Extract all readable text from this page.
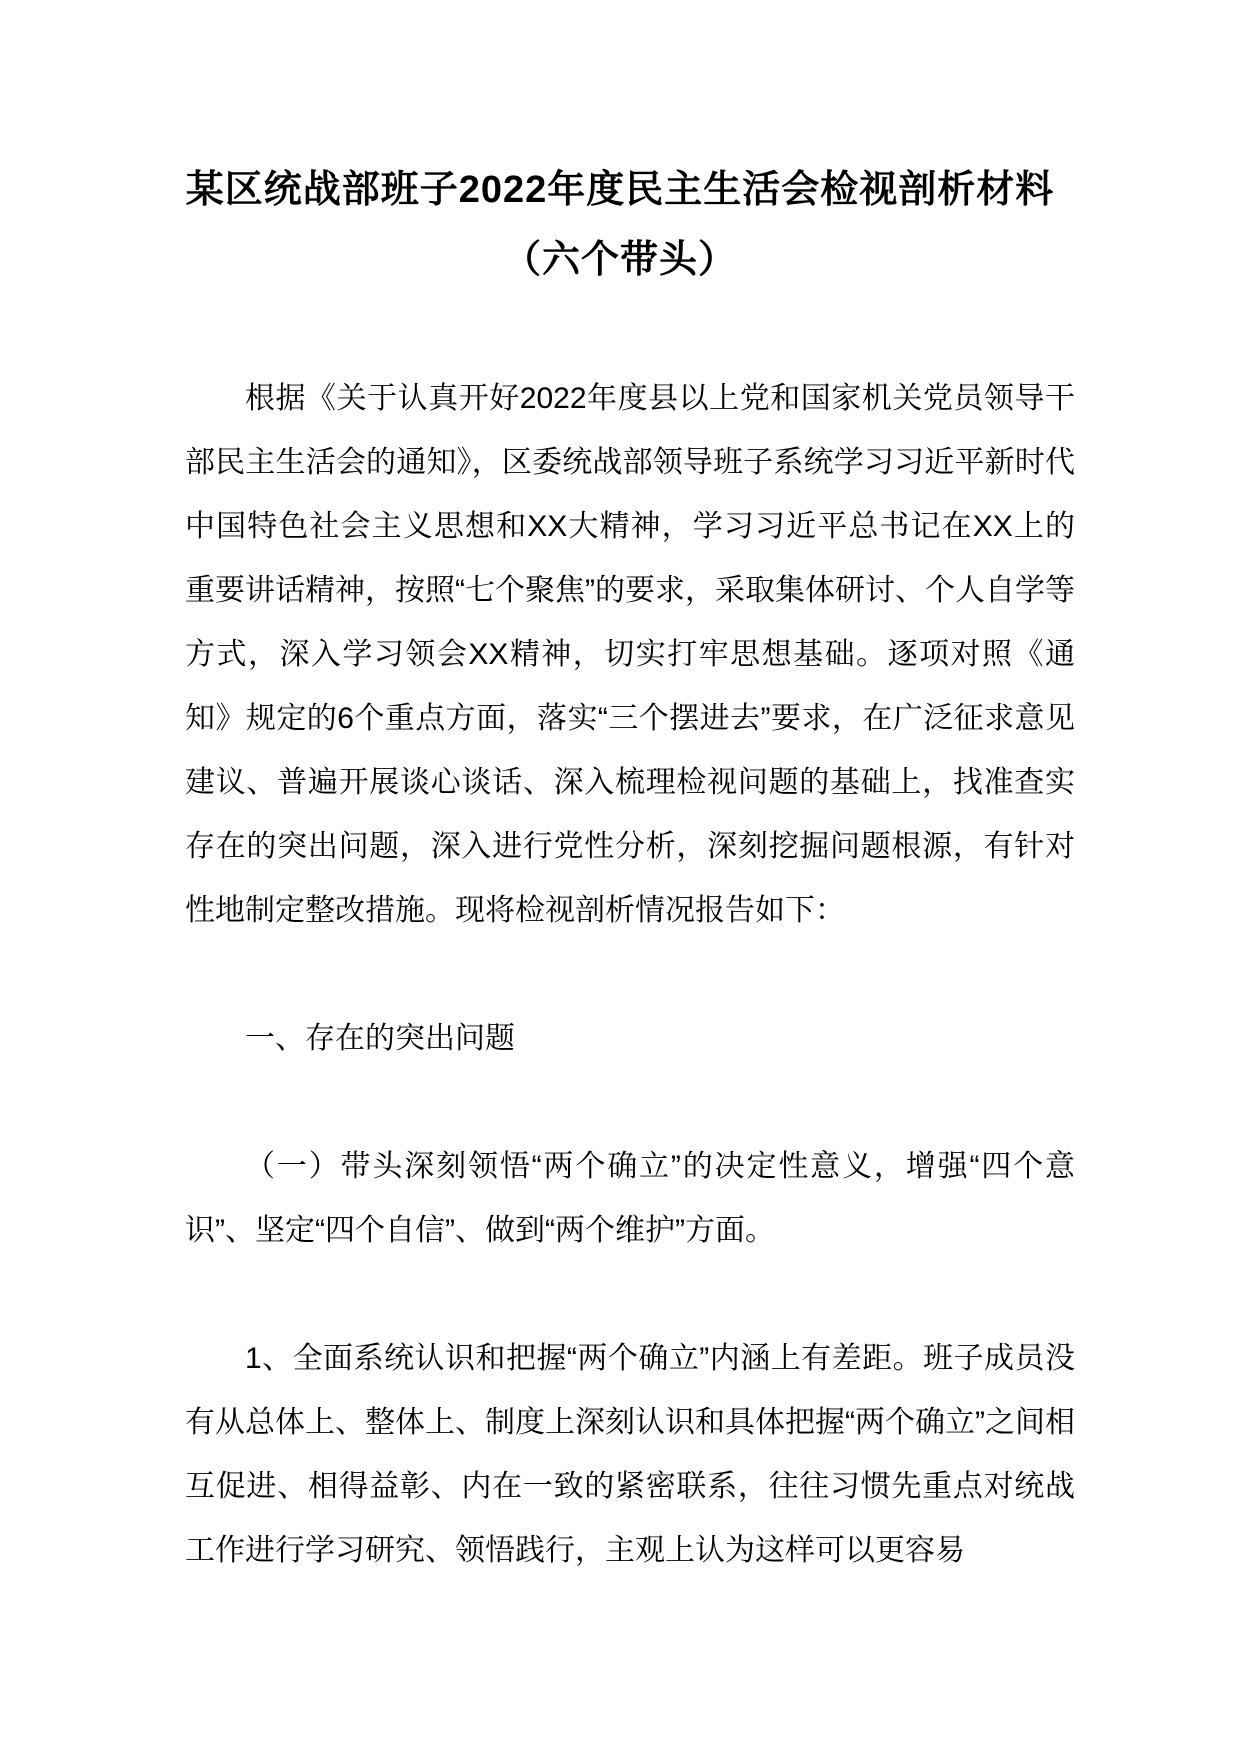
某区统战部班子2022年度民主生活会检视剖析材料
（六个带头）

根据《关于认真开好2022年度县以上党和国家机关党员领导干部民主生活会的通知》，区委统战部领导班子系统学习习近平新时代中国特色社会主义思想和XX大精神，学习习近平总书记在XX上的重要讲话精神，按照“七个聚焦”的要求，采取集体研讨、个人自学等方式，深入学习领会XX精神，切实打牢思想基础。逐项对照《通知》规定的6个重点方面，落实“三个摆进去”要求，在广泛征求意见建议、普遍开展谈心谈话、深入梳理检视问题的基础上，找准查实存在的突出问题，深入进行党性分析，深刻挖掘问题根源，有针对性地制定整改措施。现将检视剖析情况报告如下：

一、存在的突出问题

（一）带头深刻领悟“两个确立”的决定性意义，增强“四个意识”、坚定“四个自信”、做到“两个维护”方面。

1、全面系统认识和把握“两个确立”内涵上有差距。班子成员没有从总体上、整体上、制度上深刻认识和具体把握“两个确立”之间相互促进、相得益彰、内在一致的紧密联系，往往习惯先重点对统战工作进行学习研究、领悟践行，主观上认为这样可以更容易
